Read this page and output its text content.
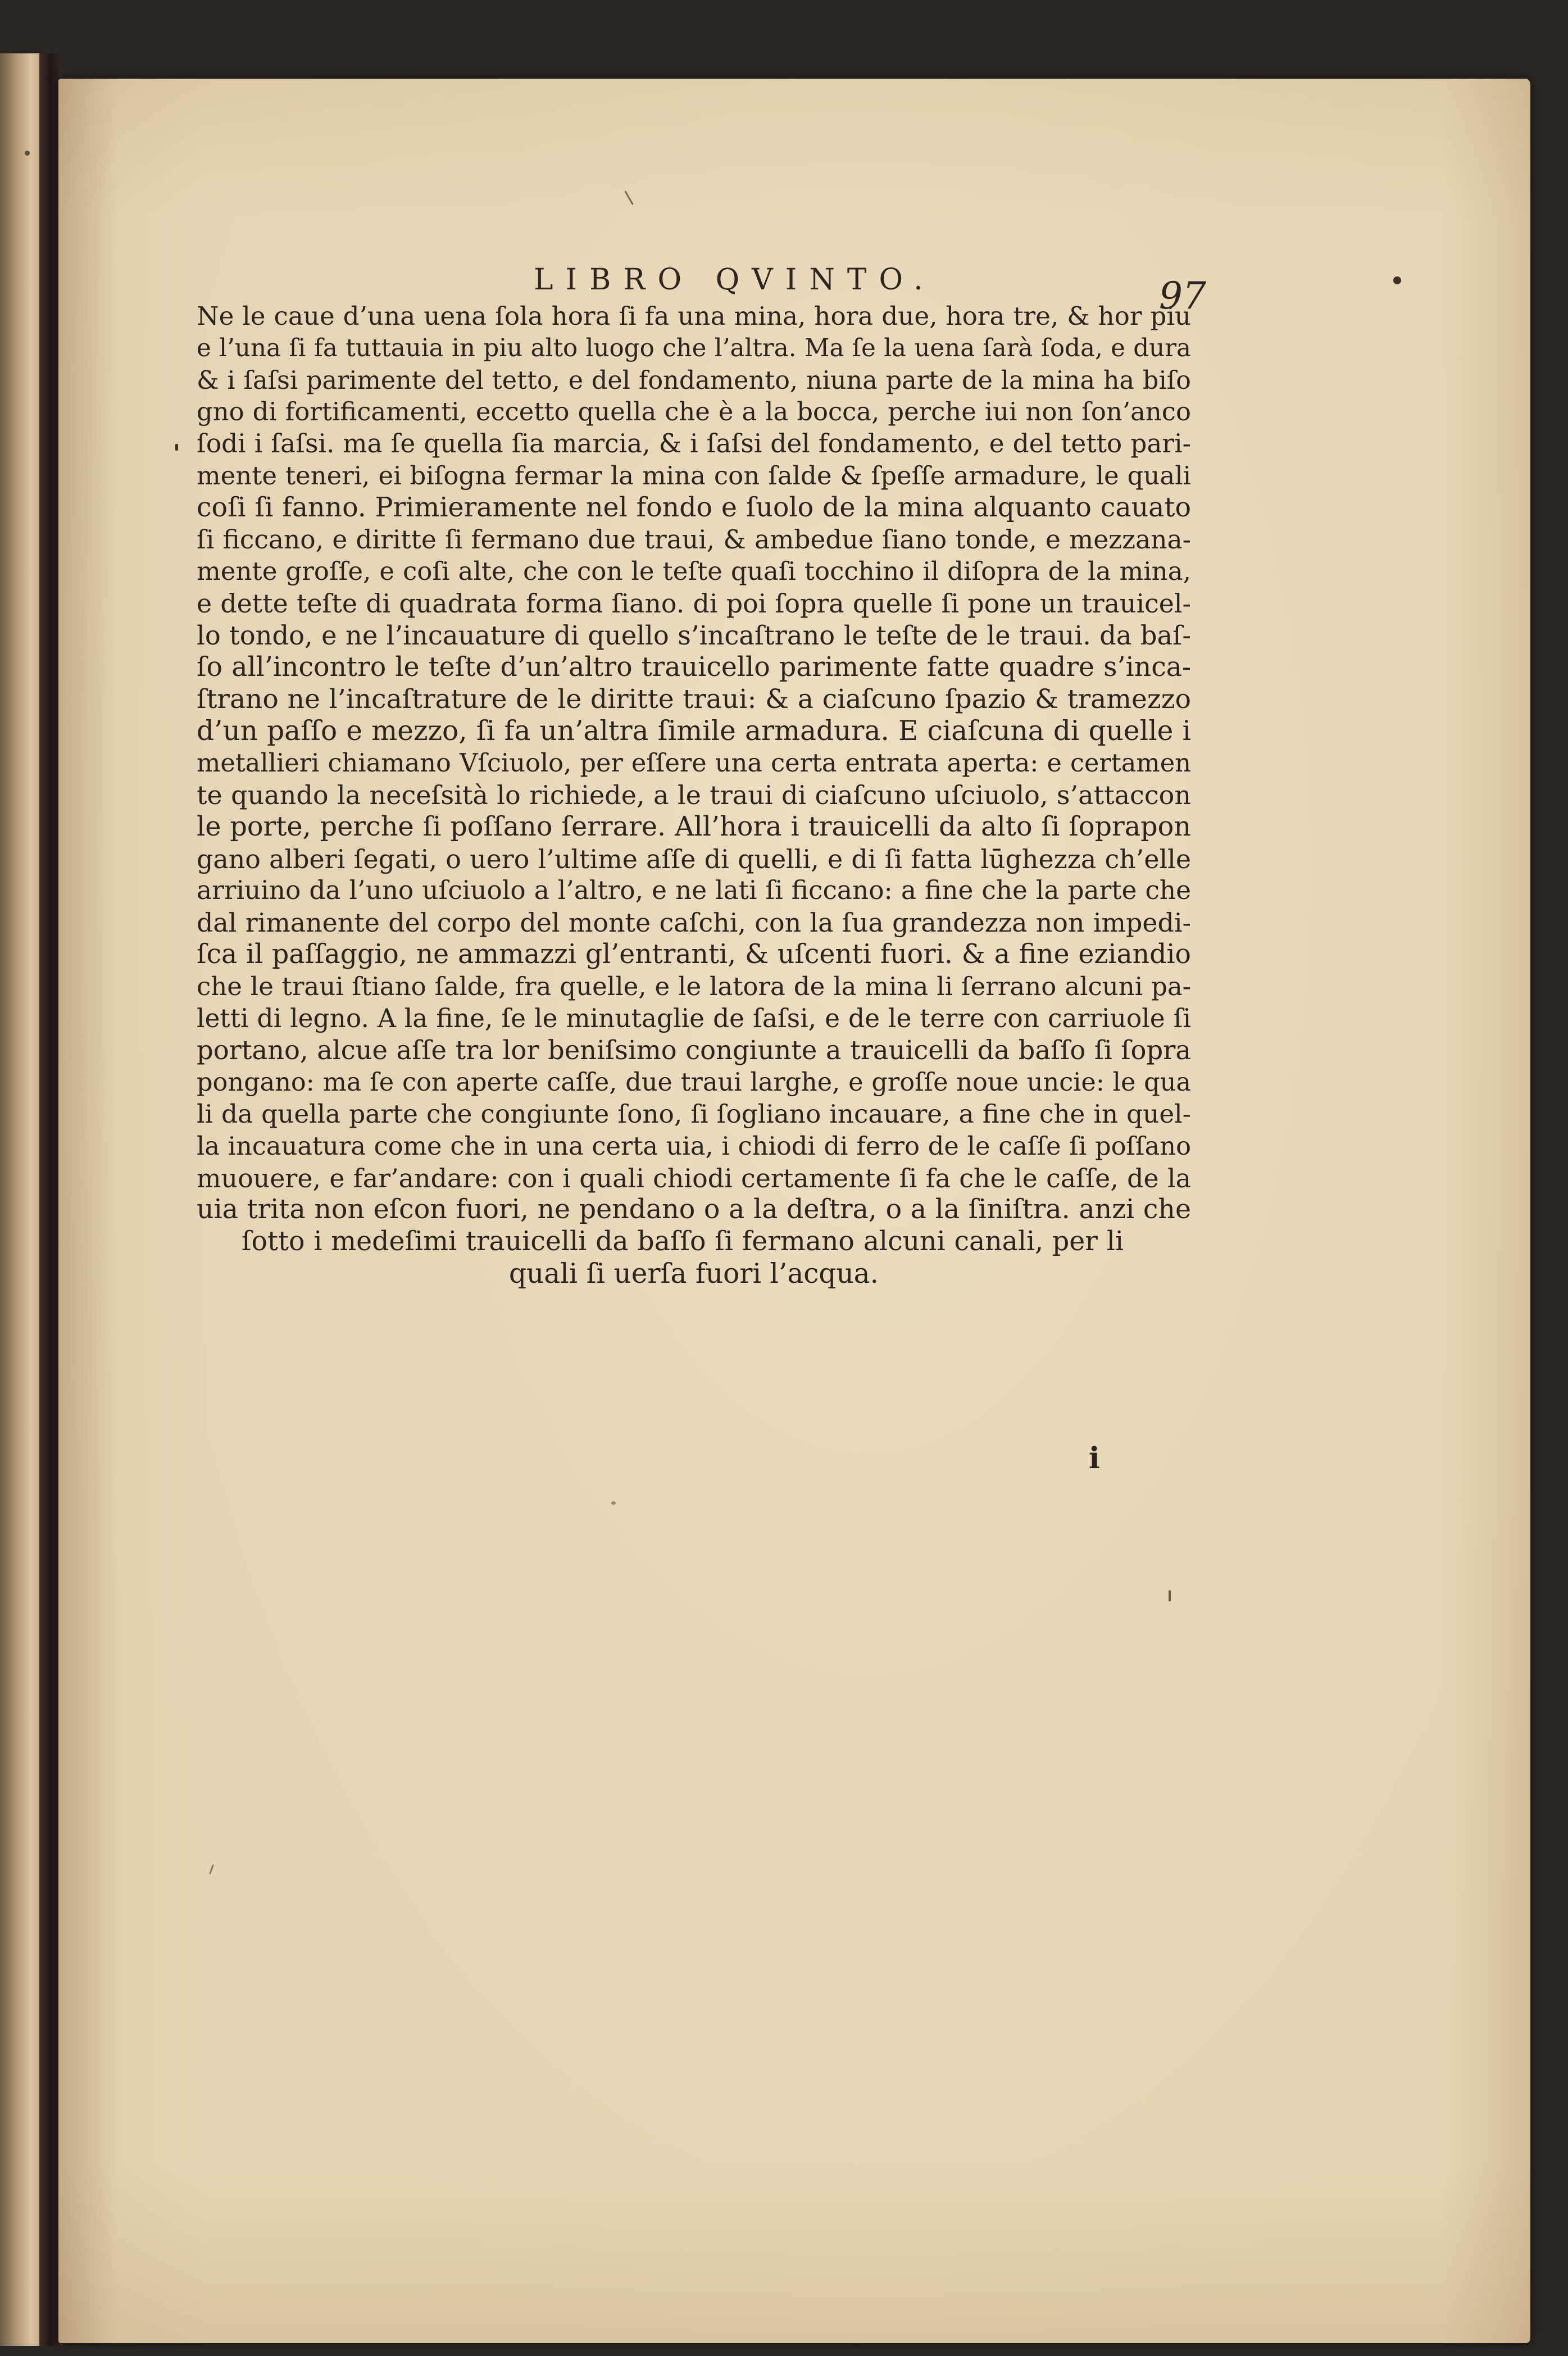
LIBRO QVINTO.	97
Ne le caue d’una uena ſola hora ſi fa una mina, hora due, hora tre, & hor piu
e l’una ſi fa tuttauia in piu alto luogo che l’altra. Ma ſe la uena ſarà ſoda, e dura
& i ſaſsi parimente del tetto, e del fondamento, niuna parte de la mina ha biſo
gno di fortificamenti, eccetto quella che è a la bocca, perche iui non ſon’anco
ſodi i ſaſsi. ma ſe quella ſia marcia, & i ſaſsi del fondamento, e del tetto pari-
mente teneri, ei biſogna fermar la mina con ſalde & ſpeſſe armadure, le quali
coſi ſi fanno. Primieramente nel fondo e ſuolo de la mina alquanto cauato
ſi ficcano, e diritte ſi fermano due traui, & ambedue ſiano tonde, e mezzana-
mente groſſe, e coſi alte, che con le teſte quaſi tocchino il diſopra de la mina,
e dette teſte di quadrata forma ſiano. di poi ſopra quelle ſi pone un trauicel-
lo tondo, e ne l’incauature di quello s’incaſtrano le teſte de le traui. da baſ-
ſo all’incontro le teſte d’un’altro trauicello parimente fatte quadre s’inca-
ſtrano ne l’incaſtrature de le diritte traui: & a ciaſcuno ſpazio & tramezzo
d’un paſſo e mezzo, ſi fa un’altra ſimile armadura. E ciaſcuna di quelle i
metallieri chiamano Vſciuolo, per eſſere una certa entrata aperta: e certamen
te quando la neceſsità lo richiede, a le traui di ciaſcuno uſciuolo, s’attaccon
le porte, perche ſi poſſano ſerrare. All’hora i trauicelli da alto ſi ſoprapon
gano alberi ſegati, o uero l’ultime aſſe di quelli, e di ſi fatta lūghezza ch’elle
arriuino da l’uno uſciuolo a l’altro, e ne lati ſi ficcano: a fine che la parte che
dal rimanente del corpo del monte caſchi, con la ſua grandezza non impedi-
ſca il paſſaggio, ne ammazzi gl’entranti, & uſcenti fuori. & a fine eziandio
che le traui ſtiano ſalde, fra quelle, e le latora de la mina li ſerrano alcuni pa-
letti di legno. A la fine, ſe le minutaglie de ſaſsi, e de le terre con carriuole ſi
portano, alcue aſſe tra lor beniſsimo congiunte a trauicelli da baſſo ſi ſopra
pongano: ma ſe con aperte caſſe, due traui larghe, e groſſe noue uncie: le qua
li da quella parte che congiunte ſono, ſi ſogliano incauare, a fine che in quel-
la incauatura come che in una certa uia, i chiodi di ferro de le caſſe ſi poſſano
muouere, e far’andare: con i quali chiodi certamente ſi fa che le caſſe, de la
uia trita non eſcon fuori, ne pendano o a la deſtra, o a la ſiniſtra. anzi che
ſotto i medeſimi trauicelli da baſſo ſi fermano alcuni canali, per li
quali ſi uerſa fuori l’acqua.
i
